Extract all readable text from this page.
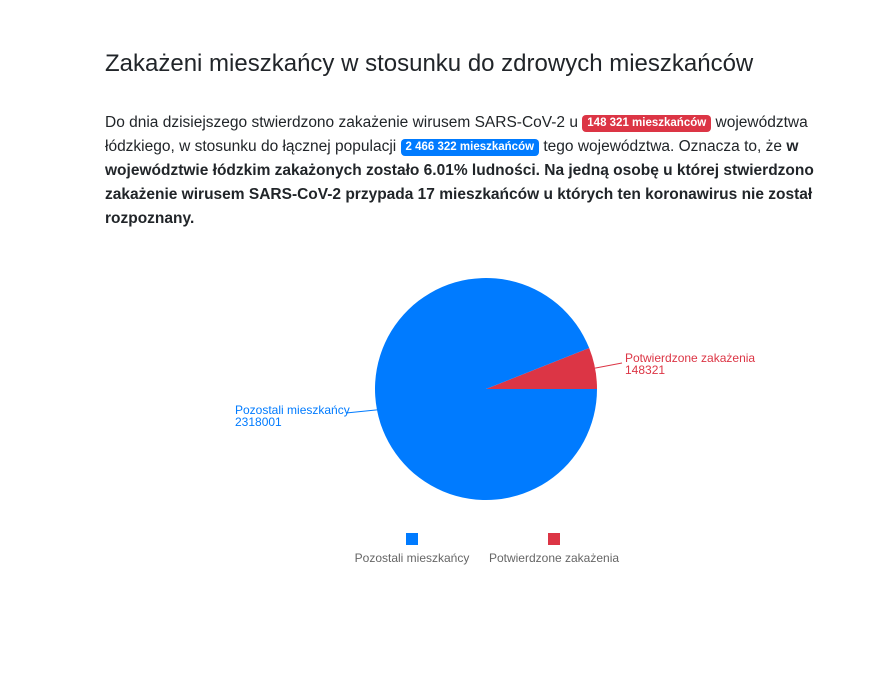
Zakażeni mieszkańcy w stosunku do zdrowych mieszkańców

Do dnia dzisiejszego stwierdzono zakażenie wirusem SARS-CoV-2 u 148 321 mieszkańców województwa łódzkiego, w stosunku do łącznej populacji 2 466 322 mieszkańców tego województwa. Oznacza to, że w województwie łódzkim zakażonych zostało 6.01% ludności. Na jedną osobę u której stwierdzono zakażenie wirusem SARS-CoV-2 przypada 17 mieszkańców u których ten koronawirus nie został rozpoznany.

Potwierdzone zakażenia
148321
Pozostali mieszkańcy
2318001
Pozostali mieszkańcy Potwierdzone zakażenia
